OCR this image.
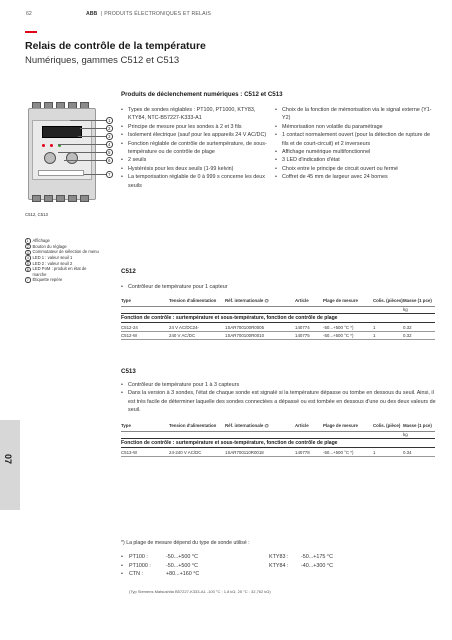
62	ABB | PRODUITS ÉLECTRONIQUES ET RELAIS
Relais de contrôle de la température
Numériques, gammes C512 et C513
1
2
3
4
5
6
7
C512, C513
1 Affichage
2 Bouton du réglage
3 Commutateur de sélection de menu
4 LED 1 : valeur seuil 1
5 LED 2 : valeur seuil 2
6 LED PoM : produit en état de marche
7 Étiquette repère
Produits de déclenchement numériques : C512 et C513
• Types de sondes réglables : PT100, PT1000, KTY83, KTY84, NTC-B57227-K333-A1
• Principe de mesure pour les sondes à 2 et 3 fils
• Isolement électrique (sauf pour les appareils 24 V AC/DC)
• Fonction réglable de contrôle de surtempérature, de sous-température ou de contrôle de plage
• 2 seuils
• Hystérésis pour les deux seuils (1-99 kelvin)
• La temporisation réglable de 0 à 999 s concerne les deux seuils
• Choix de la fonction de mémorisation via le signal externe (Y1-Y2)
• Mémorisation non volatile du paramétrage
• 1 contact normalement ouvert (pour la détection de rupture de fils et de court-circuit) et 2 inverseurs
• Affichage numérique multifonctionnel
• 3 LED d'indication d'état
• Choix entre le principe de circuit ouvert ou fermé
• Coffret de 45 mm de largeur avec 24 bornes
C512
• Contrôleur de température pour 1 capteur
Type	Tension d'alimentation	Réf. internationale @	Article	Plage de mesure	Colis. (pièces)	Masse (1 pce)
						kg
Fonction de contrôle : surtempérature et sous-température, fonction de contrôle de plage						
C512-24	24 V AC/DC24-	1SAR700100R0005	140774	-50...+500 °C *)	1	0.32
C512-W	240 V AC/DC	1SAR700100R0010	140775	-50...+500 °C *)	1	0.32
C513
• Contrôleur de température pour 1 à 3 capteurs
• Dans la version à 3 sondes, l'état de chaque sonde est signalé si la température dépasse ou tombe en dessous du seuil. Ainsi, il est très facile de déterminer laquelle des sondes connectées a dépassé ou est tombée en dessous d'une ou des deux valeurs de seuil.
Type	Tension d'alimentation	Réf. internationale @	Article	Plage de mesure	Colis. (pièce)	Masse (1 pce)
						kg
Fonction de contrôle : surtempérature et sous-température, fonction de contrôle de plage						
C513-W	24-240 V AC/DC	1SAR700110R0018	140778	-50...+500 °C *)	1	0.34
07
*) La plage de mesure dépend du type de sonde utilisé :
•	PT100 :	-50...+500 °C	KTY83 :	-50...+175 °C
•	PT1000 :	-50...+500 °C	KTY84 :	-40...+300 °C
•	CTN :	+80...+160 °C
(Typ Siemens Matsushita B57227-K333-A1 -100 °C : 1,8 kΩ, 25 °C : 32,762 kΩ)
